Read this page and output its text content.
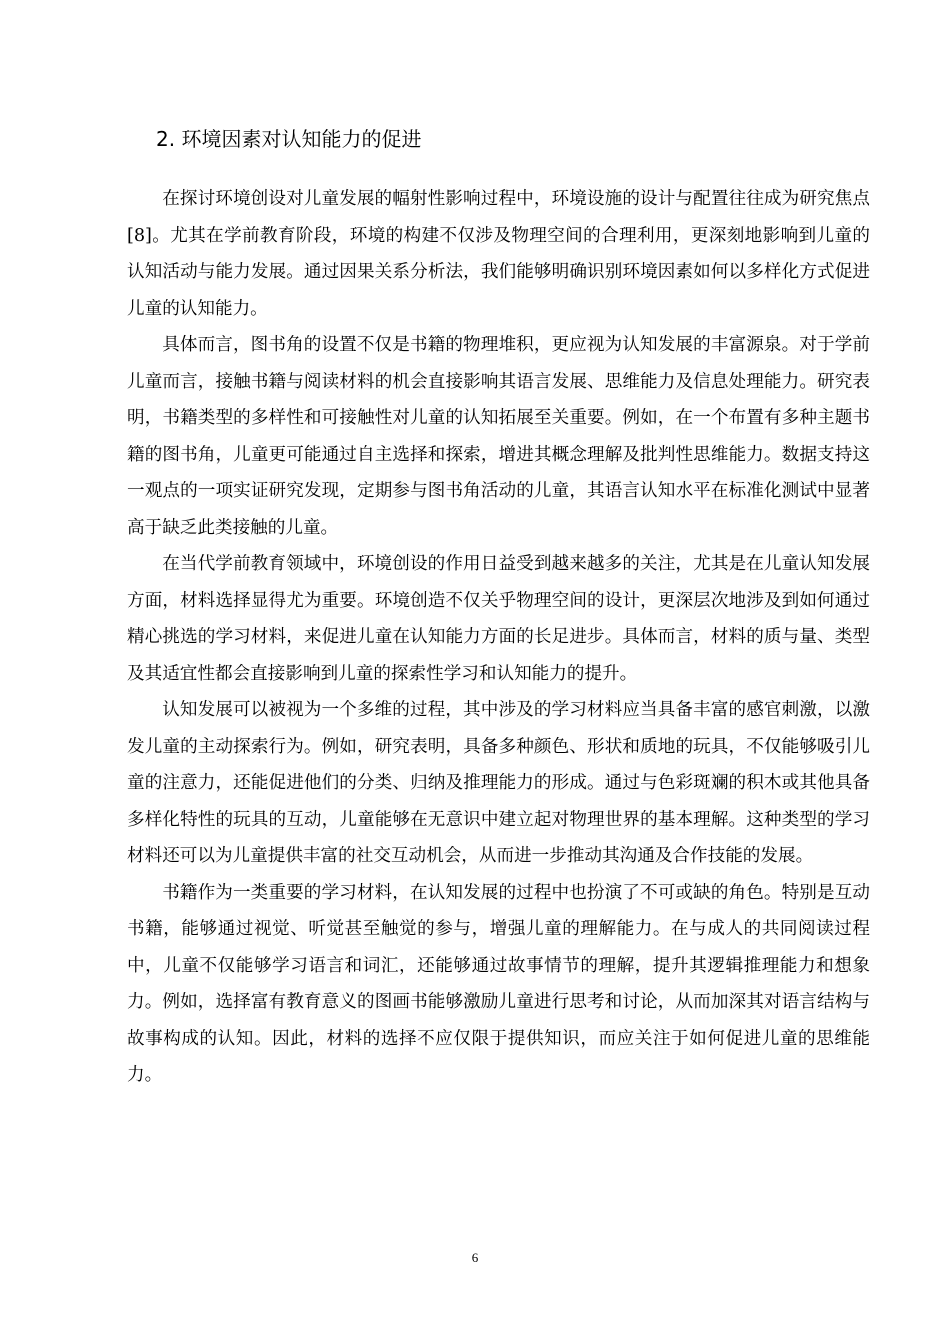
2. 环境因素对认知能力的促进

在探讨环境创设对儿童发展的幅射性影响过程中，环境设施的设计与配置往往成为研究焦点[8]。尤其在学前教育阶段，环境的构建不仅涉及物理空间的合理利用，更深刻地影响到儿童的认知活动与能力发展。通过因果关系分析法，我们能够明确识别环境因素如何以多样化方式促进儿童的认知能力。

具体而言，图书角的设置不仅是书籍的物理堆积，更应视为认知发展的丰富源泉。对于学前儿童而言，接触书籍与阅读材料的机会直接影响其语言发展、思维能力及信息处理能力。研究表明，书籍类型的多样性和可接触性对儿童的认知拓展至关重要。例如，在一个布置有多种主题书籍的图书角，儿童更可能通过自主选择和探索，增进其概念理解及批判性思维能力。数据支持这一观点的一项实证研究发现，定期参与图书角活动的儿童，其语言认知水平在标准化测试中显著高于缺乏此类接触的儿童。

在当代学前教育领域中，环境创设的作用日益受到越来越多的关注，尤其是在儿童认知发展方面，材料选择显得尤为重要。环境创造不仅关乎物理空间的设计，更深层次地涉及到如何通过精心挑选的学习材料，来促进儿童在认知能力方面的长足进步。具体而言，材料的质与量、类型及其适宜性都会直接影响到儿童的探索性学习和认知能力的提升。

认知发展可以被视为一个多维的过程，其中涉及的学习材料应当具备丰富的感官刺激，以激发儿童的主动探索行为。例如，研究表明，具备多种颜色、形状和质地的玩具，不仅能够吸引儿童的注意力，还能促进他们的分类、归纳及推理能力的形成。通过与色彩斑斓的积木或其他具备多样化特性的玩具的互动，儿童能够在无意识中建立起对物理世界的基本理解。这种类型的学习材料还可以为儿童提供丰富的社交互动机会，从而进一步推动其沟通及合作技能的发展。

书籍作为一类重要的学习材料，在认知发展的过程中也扮演了不可或缺的角色。特别是互动书籍，能够通过视觉、听觉甚至触觉的参与，增强儿童的理解能力。在与成人的共同阅读过程中，儿童不仅能够学习语言和词汇，还能够通过故事情节的理解，提升其逻辑推理能力和想象力。例如，选择富有教育意义的图画书能够激励儿童进行思考和讨论，从而加深其对语言结构与故事构成的认知。因此，材料的选择不应仅限于提供知识，而应关注于如何促进儿童的思维能力。

6
